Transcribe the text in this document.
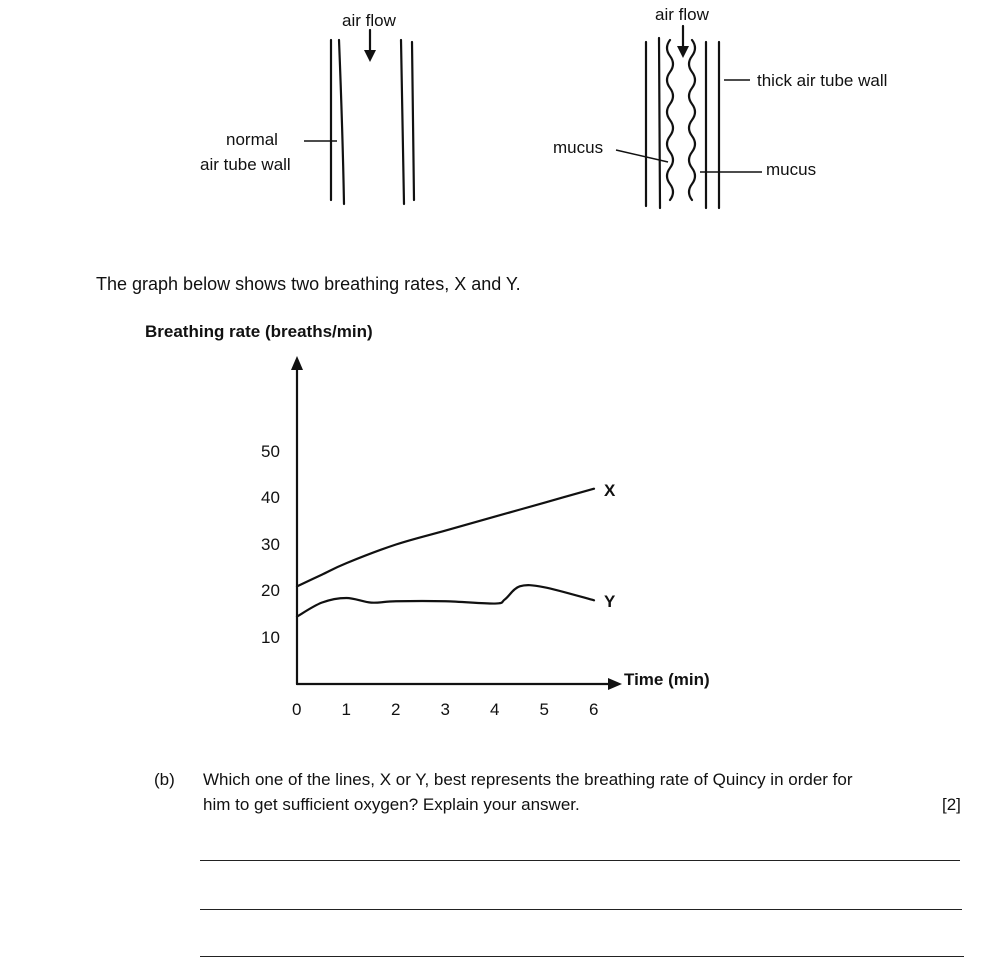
air flow
normal
air tube wall
air flow
thick air tube wall
mucus
mucus
The graph below shows two breathing rates, X and Y.
Breathing rate (breaths/min)
Time (min)
0 1 2 3 4 5 6
10
20
30
40
50
X
Y
(b) Which one of the lines, X or Y, best represents the breathing rate of Quincy in order for
him to get sufficient oxygen? Explain your answer.	[2]
